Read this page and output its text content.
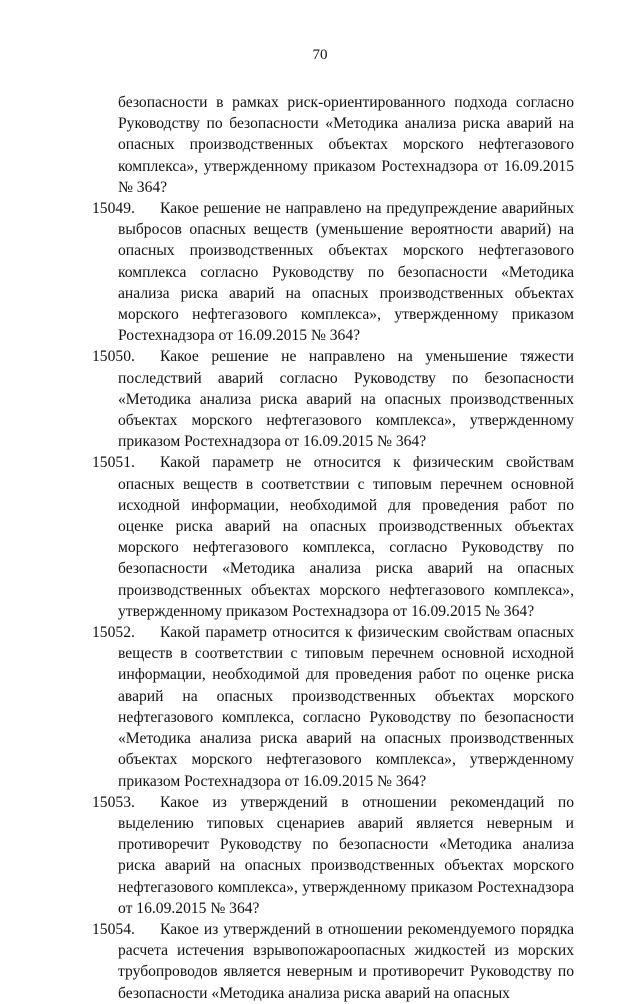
70

безопасности в рамках риск-ориентированного подхода согласно Руководству по безопасности «Методика анализа риска аварий на опасных производственных объектах морского нефтегазового комплекса», утвержденному приказом Ростехнадзора от 16.09.2015 № 364?

15049. Какое решение не направлено на предупреждение аварийных выбросов опасных веществ (уменьшение вероятности аварий) на опасных производственных объектах морского нефтегазового комплекса согласно Руководству по безопасности «Методика анализа риска аварий на опасных производственных объектах морского нефтегазового комплекса», утвержденному приказом Ростехнадзора от 16.09.2015 № 364?

15050. Какое решение не направлено на уменьшение тяжести последствий аварий согласно Руководству по безопасности «Методика анализа риска аварий на опасных производственных объектах морского нефтегазового комплекса», утвержденному приказом Ростехнадзора от 16.09.2015 № 364?

15051. Какой параметр не относится к физическим свойствам опасных веществ в соответствии с типовым перечнем основной исходной информации, необходимой для проведения работ по оценке риска аварий на опасных производственных объектах морского нефтегазового комплекса, согласно Руководству по безопасности «Методика анализа риска аварий на опасных производственных объектах морского нефтегазового комплекса», утвержденному приказом Ростехнадзора от 16.09.2015 № 364?

15052. Какой параметр относится к физическим свойствам опасных веществ в соответствии с типовым перечнем основной исходной информации, необходимой для проведения работ по оценке риска аварий на опасных производственных объектах морского нефтегазового комплекса, согласно Руководству по безопасности «Методика анализа риска аварий на опасных производственных объектах морского нефтегазового комплекса», утвержденному приказом Ростехнадзора от 16.09.2015 № 364?

15053. Какое из утверждений в отношении рекомендаций по выделению типовых сценариев аварий является неверным и противоречит Руководству по безопасности «Методика анализа риска аварий на опасных производственных объектах морского нефтегазового комплекса», утвержденному приказом Ростехнадзора от 16.09.2015 № 364?

15054. Какое из утверждений в отношении рекомендуемого порядка расчета истечения взрывопожароопасных жидкостей из морских трубопроводов является неверным и противоречит Руководству по безопасности «Методика анализа риска аварий на опасных
